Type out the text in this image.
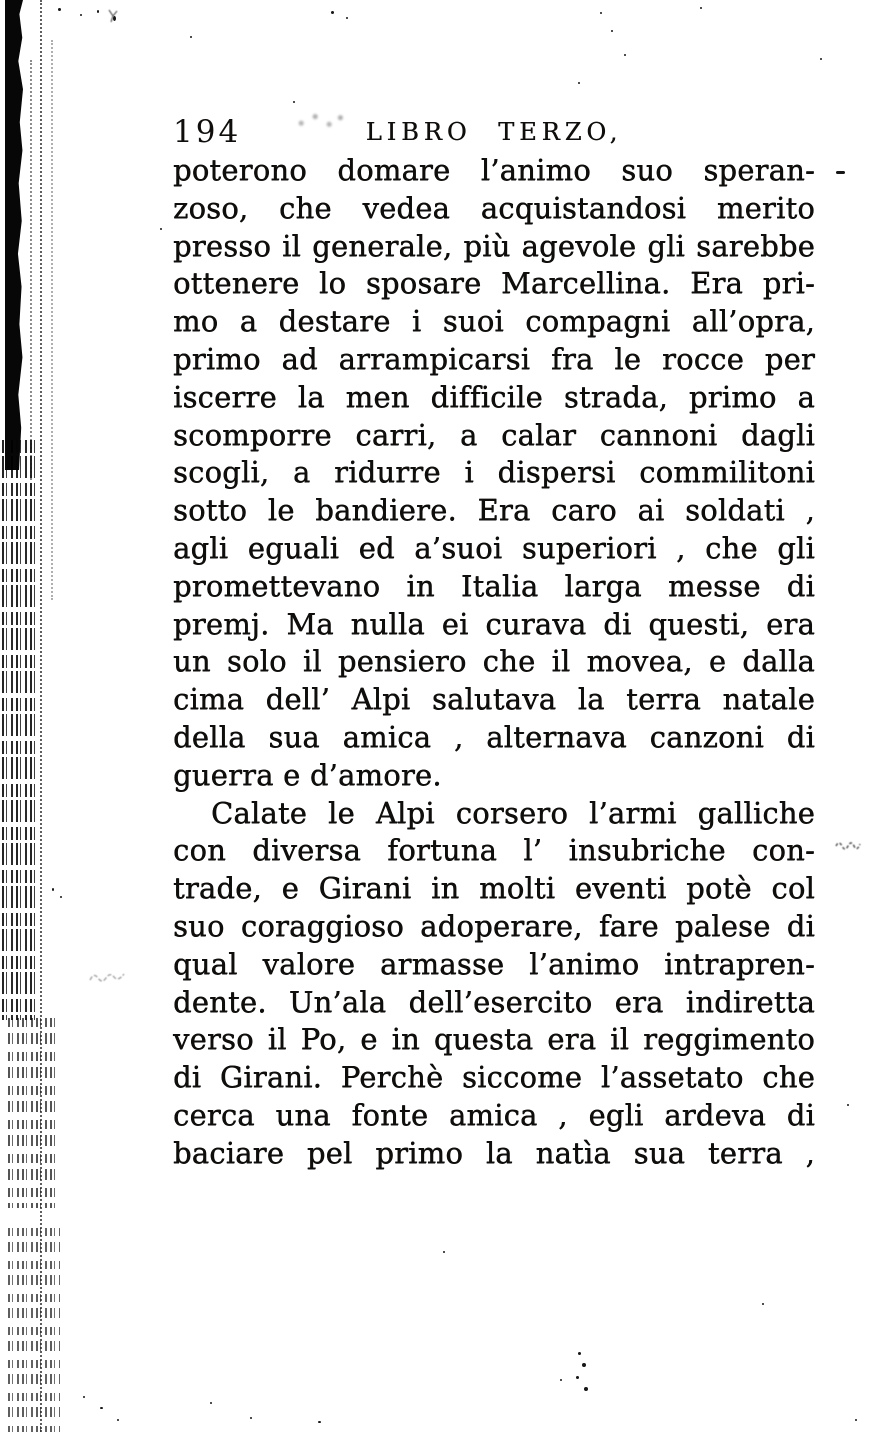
194	LIBRO TERZO,
poterono domare l’animo suo speran-
zoso, che vedea acquistandosi merito
presso il generale, più agevole gli sarebbe
ottenere lo sposare Marcellina. Era pri-
mo a destare i suoi compagni all’opra,
primo ad arrampicarsi fra le rocce per
iscerre la men difficile strada, primo a
scomporre carri, a calar cannoni dagli
scogli, a ridurre i dispersi commilitoni
sotto le bandiere. Era caro ai soldati ,
agli eguali ed a’suoi superiori , che gli
promettevano in Italia larga messe di
premj. Ma nulla ei curava di questi, era
un solo il pensiero che il movea, e dalla
cima dell’ Alpi salutava la terra natale
della sua amica , alternava canzoni di
guerra e d’amore.
Calate le Alpi corsero l’armi galliche
con diversa fortuna l’ insubriche con-
trade, e Girani in molti eventi potè col
suo coraggioso adoperare, fare palese di
qual valore armasse l’animo intrapren-
dente. Un’ala dell’esercito era indiretta
verso il Po, e in questa era il reggimento
di Girani. Perchè siccome l’assetato che
cerca una fonte amica , egli ardeva di
baciare pel primo la natìa sua terra ,
